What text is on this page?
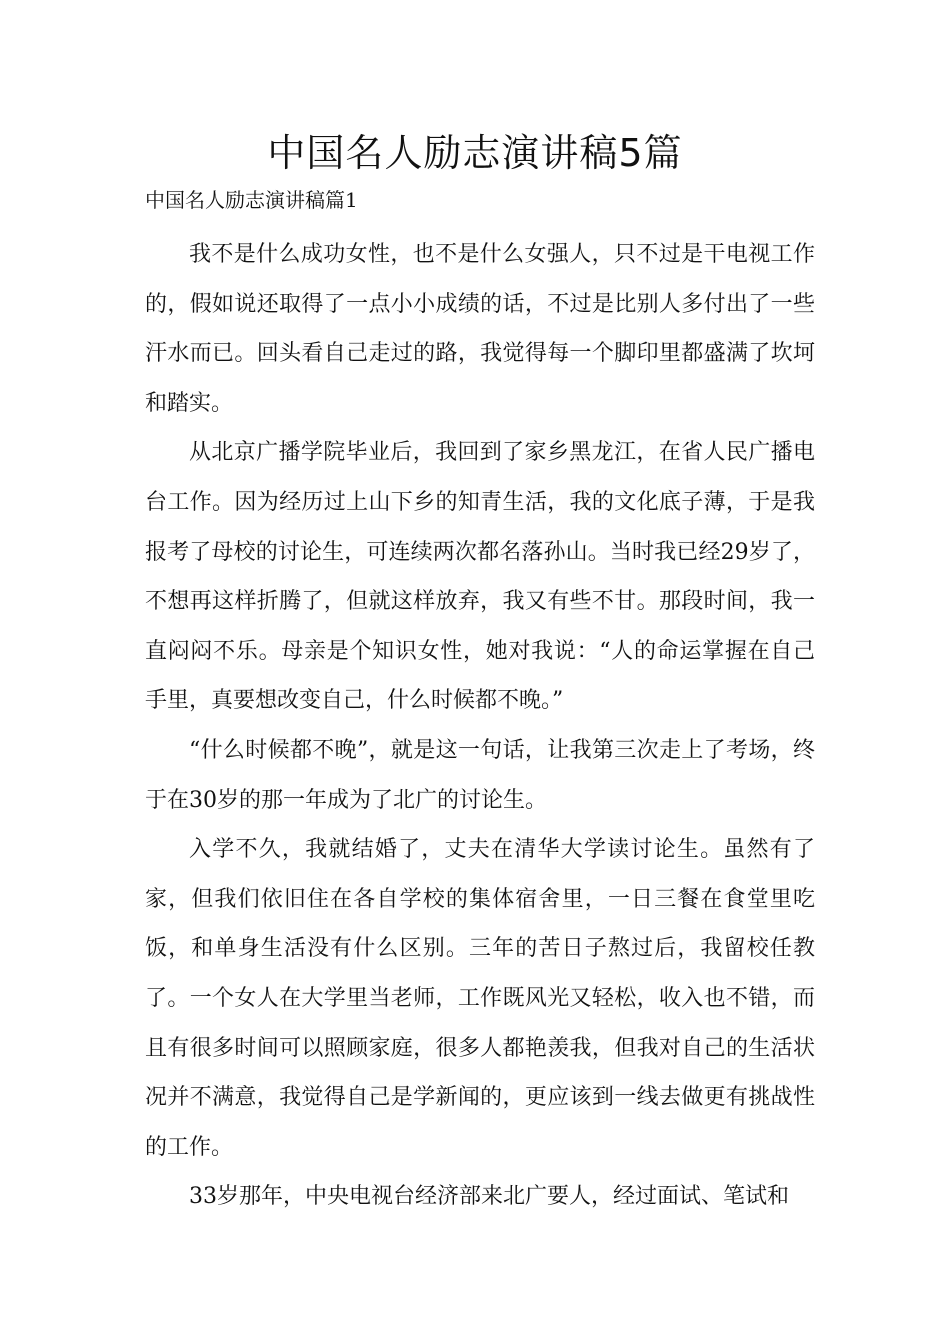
中国名人励志演讲稿5篇
中国名人励志演讲稿篇1

我不是什么成功女性，也不是什么女强人，只不过是干电视工作的，假如说还取得了一点小小成绩的话，不过是比别人多付出了一些汗水而已。回头看自己走过的路，我觉得每一个脚印里都盛满了坎坷和踏实。

从北京广播学院毕业后，我回到了家乡黑龙江，在省人民广播电台工作。因为经历过上山下乡的知青生活，我的文化底子薄，于是我报考了母校的讨论生，可连续两次都名落孙山。当时我已经29岁了，不想再这样折腾了，但就这样放弃，我又有些不甘。那段时间，我一直闷闷不乐。母亲是个知识女性，她对我说：“人的命运掌握在自己手里，真要想改变自己，什么时候都不晚。”

“什么时候都不晚”，就是这一句话，让我第三次走上了考场，终于在30岁的那一年成为了北广的讨论生。

入学不久，我就结婚了，丈夫在清华大学读讨论生。虽然有了家，但我们依旧住在各自学校的集体宿舍里，一日三餐在食堂里吃饭，和单身生活没有什么区别。三年的苦日子熬过后，我留校任教了。一个女人在大学里当老师，工作既风光又轻松，收入也不错，而且有很多时间可以照顾家庭，很多人都艳羡我，但我对自己的生活状况并不满意，我觉得自己是学新闻的，更应该到一线去做更有挑战性的工作。

33岁那年，中央电视台经济部来北广要人，经过面试、笔试和
